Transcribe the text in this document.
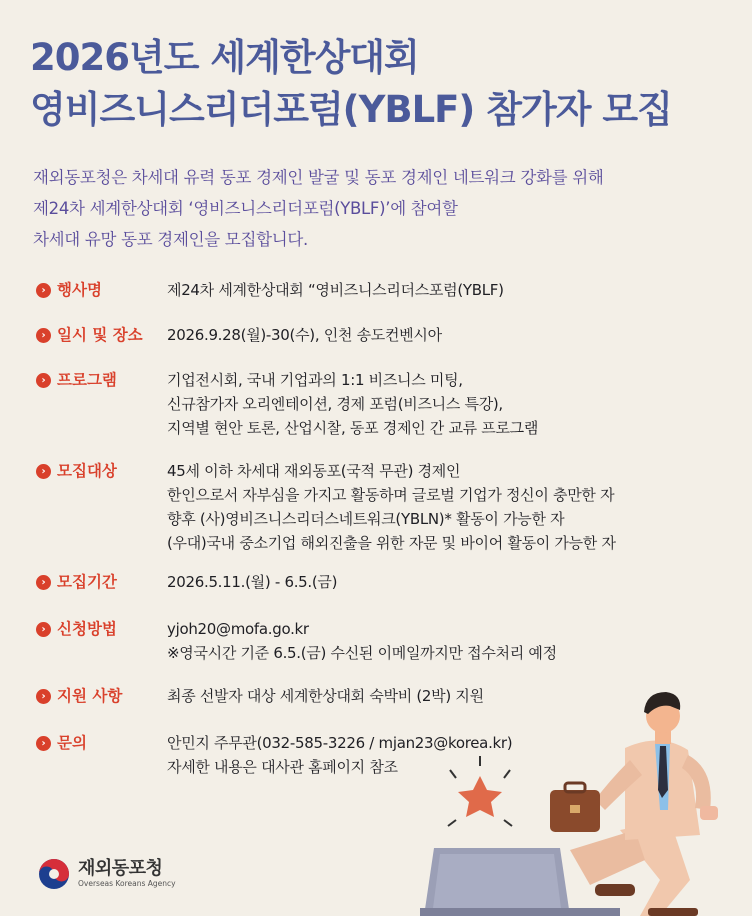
2026년도 세계한상대회
영비즈니스리더포럼(YBLF) 참가자 모집
재외동포청은 차세대 유력 동포 경제인 발굴 및 동포 경제인 네트워크 강화를 위해
제24차 세계한상대회 ‘영비즈니스리더포럼(YBLF)’에 참여할
차세대 유망 동포 경제인을 모집합니다.
› 행사명	제24차 세계한상대회 “영비즈니스리더스포럼(YBLF)
› 일시 및 장소 2026.9.28(월)-30(수), 인천 송도컨벤시아
› 프로그램	기업전시회, 국내 기업과의 1:1 비즈니스 미팅,
신규참가자 오리엔테이션, 경제 포럼(비즈니스 특강),
지역별 현안 토론, 산업시찰, 동포 경제인 간 교류 프로그램
› 모집대상	45세 이하 차세대 재외동포(국적 무관) 경제인
한인으로서 자부심을 가지고 활동하며 글로벌 기업가 정신이 충만한 자
향후 (사)영비즈니스리더스네트워크(YBLN)* 활동이 가능한 자
(우대)국내 중소기업 해외진출을 위한 자문 및 바이어 활동이 가능한 자
› 모집기간	2026.5.11.(월) - 6.5.(금)
› 신청방법	yjoh20@mofa.go.kr
※영국시간 기준 6.5.(금) 수신된 이메일까지만 접수처리 예정
› 지원 사항	최종 선발자 대상 세계한상대회 숙박비 (2박) 지원
› 문의	안민지 주무관(032-585-3226 / mjan23@korea.kr)
자세한 내용은 대사관 홈페이지 참조
재외동포청
Overseas Koreans Agency
